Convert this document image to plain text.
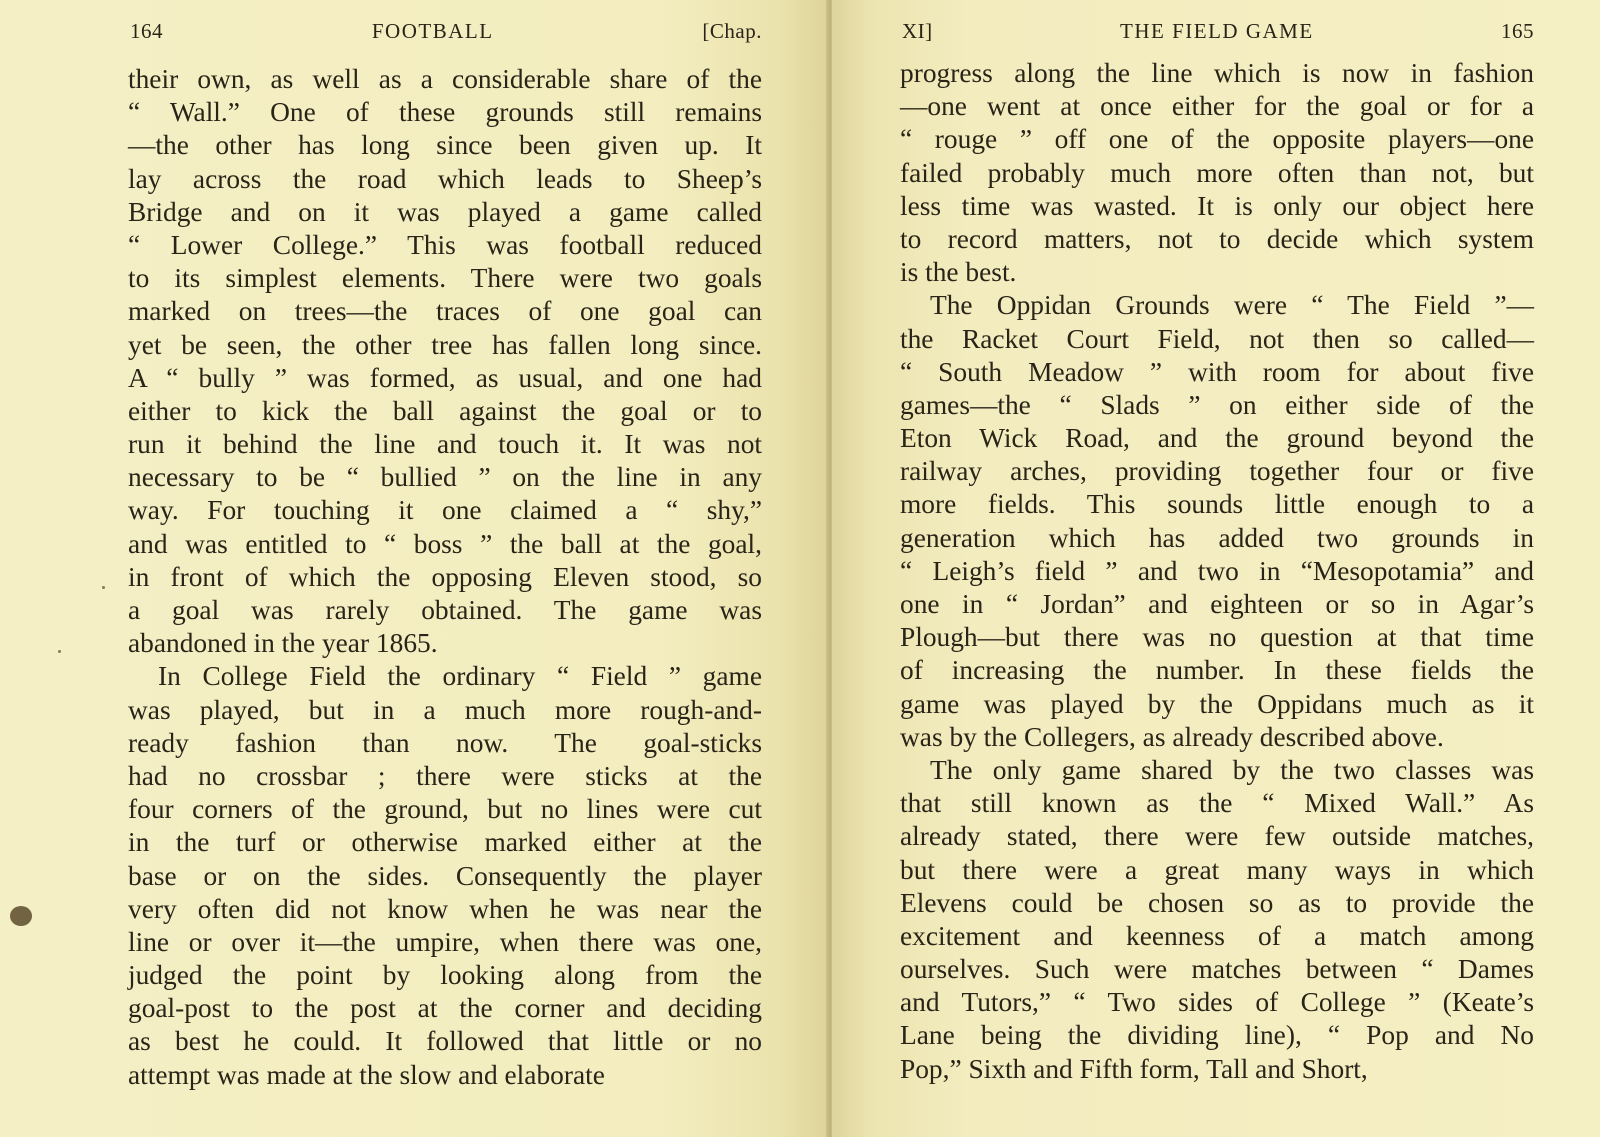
164	FOOTBALL	[Chap.
their own, as well as a considerable share of the
“ Wall.” One of these grounds still remains
—the other has long since been given up. It
lay across the road which leads to Sheep’s
Bridge and on it was played a game called
“ Lower College.” This was football reduced
to its simplest elements. There were two goals
marked on trees—the traces of one goal can
yet be seen, the other tree has fallen long since.
A “ bully ” was formed, as usual, and one had
either to kick the ball against the goal or to
run it behind the line and touch it. It was not
necessary to be “ bullied ” on the line in any
way. For touching it one claimed a “ shy,”
and was entitled to “ boss ” the ball at the goal,
in front of which the opposing Eleven stood, so
a goal was rarely obtained. The game was
abandoned in the year 1865.
In College Field the ordinary “ Field ” game
was played, but in a much more rough-and-
ready fashion than now. The goal-sticks
had no crossbar ; there were sticks at the
four corners of the ground, but no lines were cut
in the turf or otherwise marked either at the
base or on the sides. Consequently the player
very often did not know when he was near the
line or over it—the umpire, when there was one,
judged the point by looking along from the
goal-post to the post at the corner and deciding
as best he could. It followed that little or no
attempt was made at the slow and elaborate
XI]	THE FIELD GAME	165
progress along the line which is now in fashion
—one went at once either for the goal or for a
“ rouge ” off one of the opposite players—one
failed probably much more often than not, but
less time was wasted. It is only our object here
to record matters, not to decide which system
is the best.
The Oppidan Grounds were “ The Field ”—
the Racket Court Field, not then so called—
“ South Meadow ” with room for about five
games—the “ Slads ” on either side of the
Eton Wick Road, and the ground beyond the
railway arches, providing together four or five
more fields. This sounds little enough to a
generation which has added two grounds in
“ Leigh’s field ” and two in “Mesopotamia” and
one in “ Jordan” and eighteen or so in Agar’s
Plough—but there was no question at that time
of increasing the number. In these fields the
game was played by the Oppidans much as it
was by the Collegers, as already described above.
The only game shared by the two classes was
that still known as the “ Mixed Wall.” As
already stated, there were few outside matches,
but there were a great many ways in which
Elevens could be chosen so as to provide the
excitement and keenness of a match among
ourselves. Such were matches between “ Dames
and Tutors,” “ Two sides of College ” (Keate’s
Lane being the dividing line), “ Pop and No
Pop,” Sixth and Fifth form, Tall and Short,
